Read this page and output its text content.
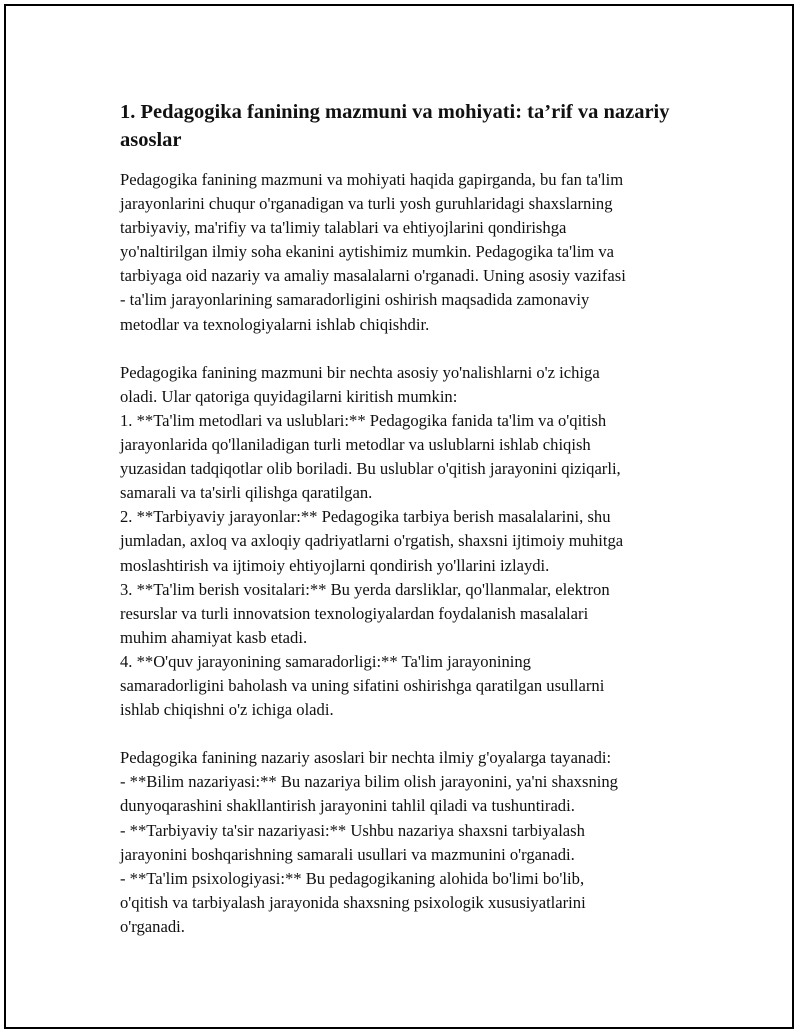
1. Pedagogika fanining mazmuni va mohiyati: ta’rif va nazariy
asoslar

Pedagogika fanining mazmuni va mohiyati haqida gapirganda, bu fan ta'lim
jarayonlarini chuqur o'rganadigan va turli yosh guruhlaridagi shaxslarning
tarbiyaviy, ma'rifiy va ta'limiy talablari va ehtiyojlarini qondirishga
yo'naltirilgan ilmiy soha ekanini aytishimiz mumkin. Pedagogika ta'lim va
tarbiyaga oid nazariy va amaliy masalalarni o'rganadi. Uning asosiy vazifasi
- ta'lim jarayonlarining samaradorligini oshirish maqsadida zamonaviy
metodlar va texnologiyalarni ishlab chiqishdir.

Pedagogika fanining mazmuni bir nechta asosiy yo'nalishlarni o'z ichiga
oladi. Ular qatoriga quyidagilarni kiritish mumkin:
1. **Ta'lim metodlari va uslublari:** Pedagogika fanida ta'lim va o'qitish
jarayonlarida qo'llaniladigan turli metodlar va uslublarni ishlab chiqish
yuzasidan tadqiqotlar olib boriladi. Bu uslublar o'qitish jarayonini qiziqarli,
samarali va ta'sirli qilishga qaratilgan.
2. **Tarbiyaviy jarayonlar:** Pedagogika tarbiya berish masalalarini, shu
jumladan, axloq va axloqiy qadriyatlarni o'rgatish, shaxsni ijtimoiy muhitga
moslashtirish va ijtimoiy ehtiyojlarni qondirish yo'llarini izlaydi.
3. **Ta'lim berish vositalari:** Bu yerda darsliklar, qo'llanmalar, elektron
resurslar va turli innovatsion texnologiyalardan foydalanish masalalari
muhim ahamiyat kasb etadi.
4. **O'quv jarayonining samaradorligi:** Ta'lim jarayonining
samaradorligini baholash va uning sifatini oshirishga qaratilgan usullarni
ishlab chiqishni o'z ichiga oladi.

Pedagogika fanining nazariy asoslari bir nechta ilmiy g'oyalarga tayanadi:
- **Bilim nazariyasi:** Bu nazariya bilim olish jarayonini, ya'ni shaxsning
dunyoqarashini shakllantirish jarayonini tahlil qiladi va tushuntiradi.
- **Tarbiyaviy ta'sir nazariyasi:** Ushbu nazariya shaxsni tarbiyalash
jarayonini boshqarishning samarali usullari va mazmunini o'rganadi.
- **Ta'lim psixologiyasi:** Bu pedagogikaning alohida bo'limi bo'lib,
o'qitish va tarbiyalash jarayonida shaxsning psixologik xususiyatlarini
o'rganadi.
